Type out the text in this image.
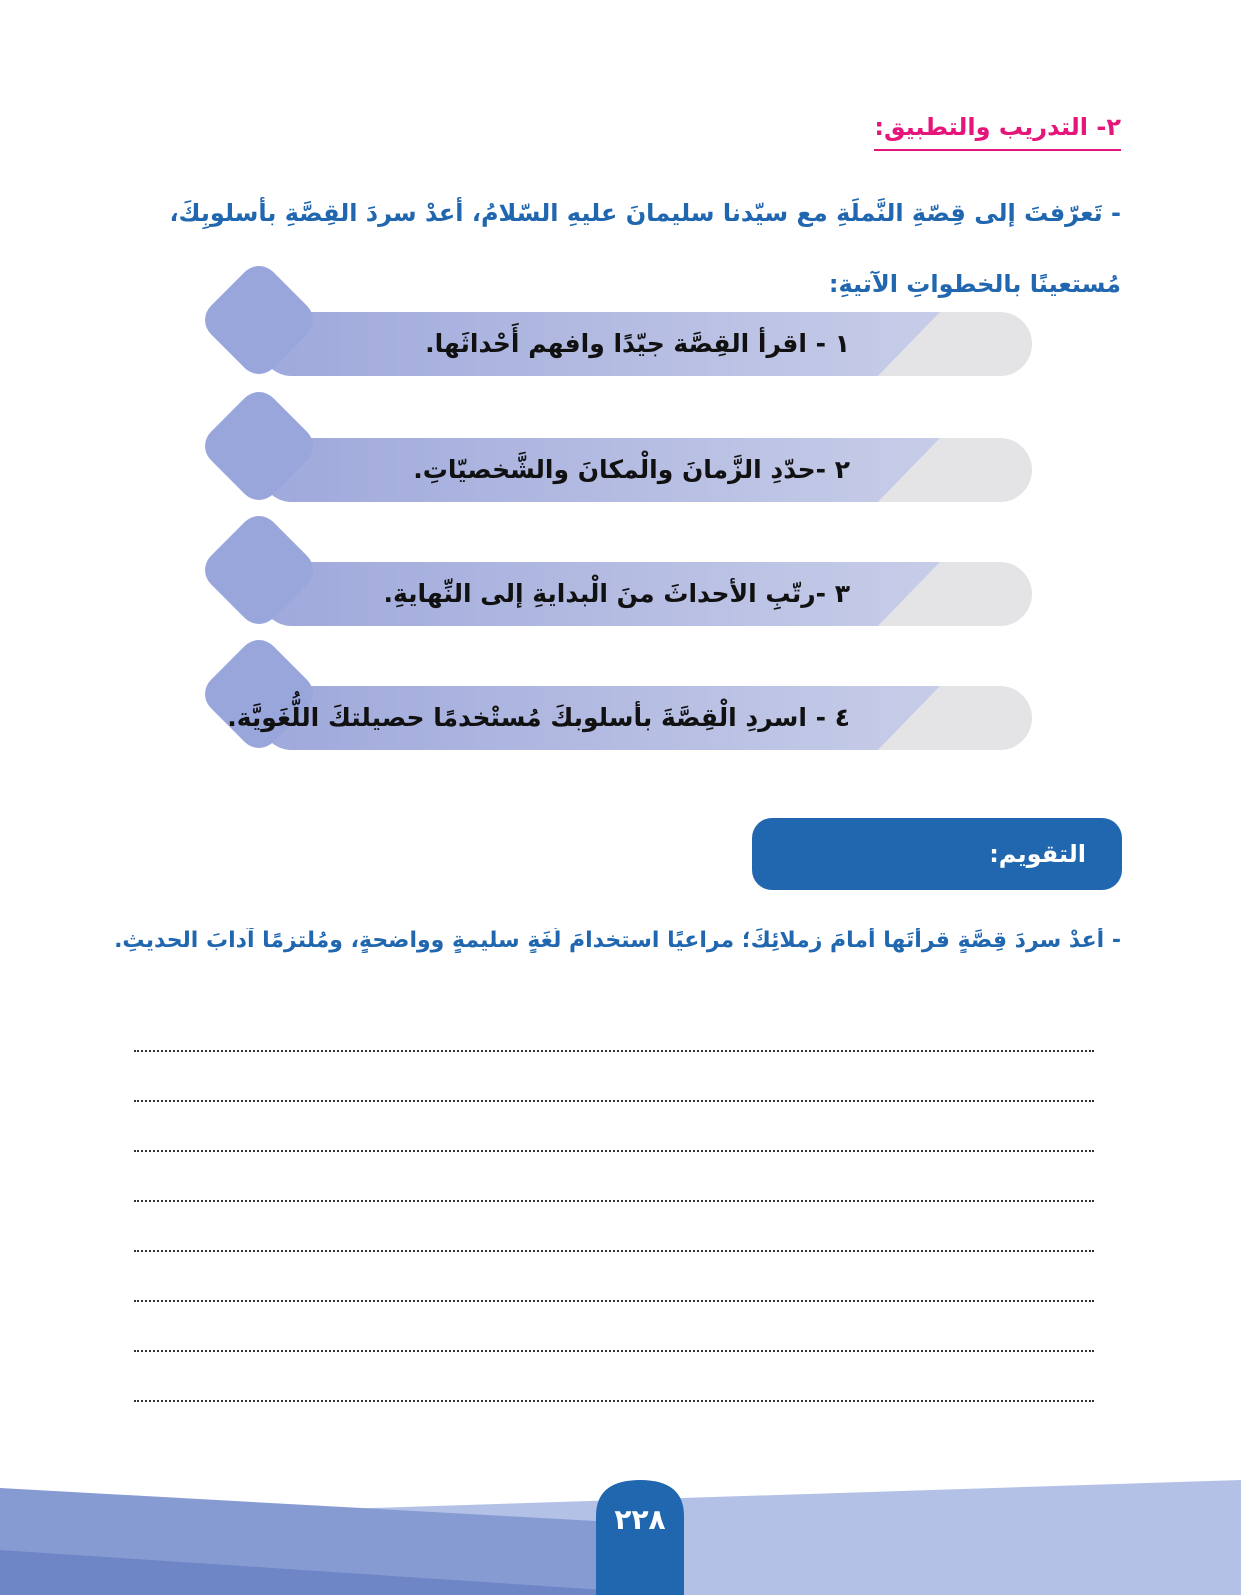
٢- التدريب والتطبيق:
- تَعرّفتَ إلى قِصّةِ النَّملَةِ مع سيّدنا سليمانَ عليهِ السّلامُ، أعدْ سردَ القِصَّةِ بأسلوبِكَ، مُستعينًا بالخطواتِ الآتيةِ:
١ - اقرأ القِصَّة جيّدًا وافهم أَحْداثَها.
٢ -حدّدِ الزَّمانَ والْمكانَ والشَّخصيّاتِ.
٣ -رتّبِ الأحداثَ منَ الْبدايةِ إلى النِّهايةِ.
٤ - اسردِ الْقِصَّةَ بأسلوبكَ مُستْخدمًا حصيلتكَ اللُّغَويَّة.
التقويم:
- أعدْ سردَ قِصَّةٍ قرأتَها أمامَ زملائِكَ؛ مراعيًا استخدامَ لُغَةٍ سليمةٍ وواضحةٍ، ومُلتزمًا آدابَ الحديثِ.
٢٢٨
